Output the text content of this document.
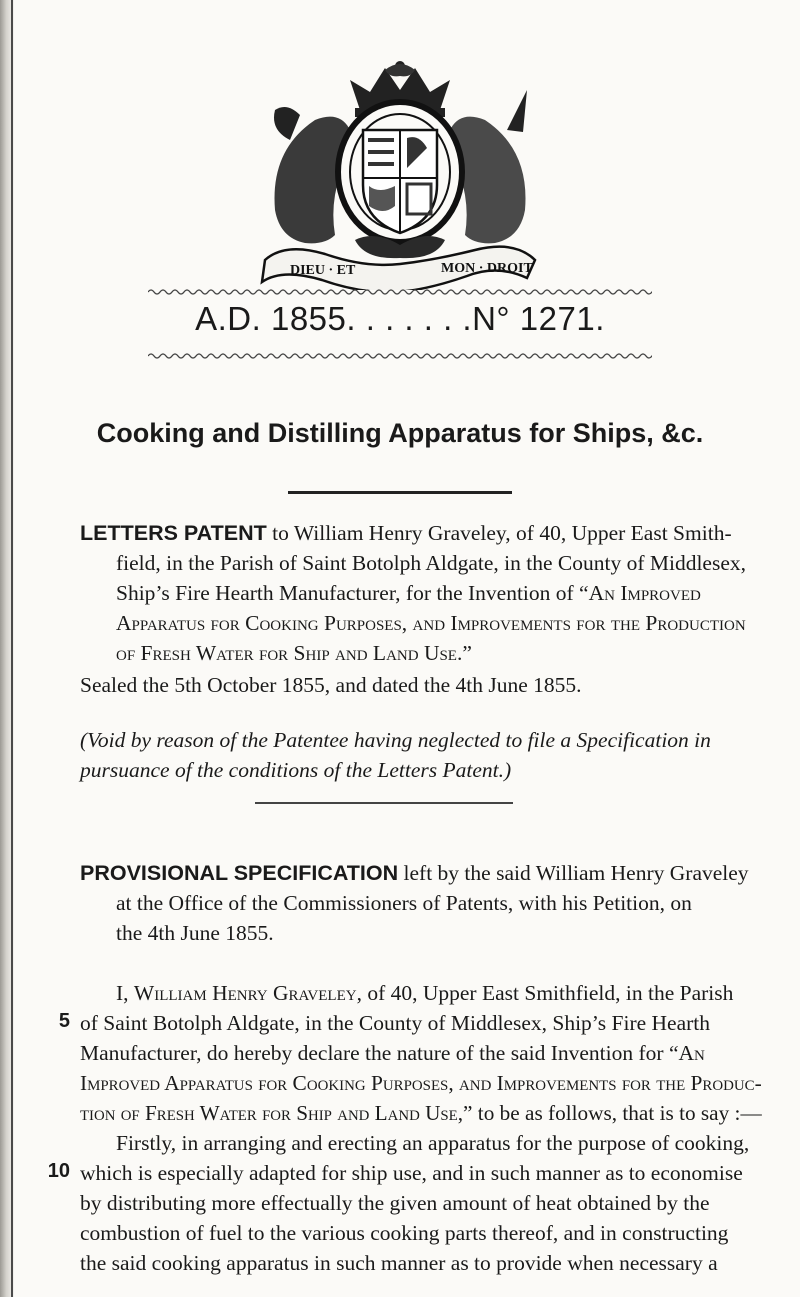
DIEU · ET	MON · DROIT
A.D. 1855. . . . . . .N° 1271.
Cooking and Distilling Apparatus for Ships, &c.
LETTERS PATENT to William Henry Graveley, of 40, Upper East Smith-
field, in the Parish of Saint Botolph Aldgate, in the County of Middlesex,
Ship’s Fire Hearth Manufacturer, for the Invention of “An Improved
Apparatus for Cooking Purposes, and Improvements for the Production
of Fresh Water for Ship and Land Use.”
Sealed the 5th October 1855, and dated the 4th June 1855.
(Void by reason of the Patentee having neglected to file a Specification in
pursuance of the conditions of the Letters Patent.)
PROVISIONAL SPECIFICATION left by the said William Henry Graveley
at the Office of the Commissioners of Patents, with his Petition, on
the 4th June 1855.
I, William Henry Graveley, of 40, Upper East Smithfield, in the Parish
of Saint Botolph Aldgate, in the County of Middlesex, Ship’s Fire Hearth
Manufacturer, do hereby declare the nature of the said Invention for “An
Improved Apparatus for Cooking Purposes, and Improvements for the Produc-
tion of Fresh Water for Ship and Land Use,” to be as follows, that is to say :—
Firstly, in arranging and erecting an apparatus for the purpose of cooking,
which is especially adapted for ship use, and in such manner as to economise
by distributing more effectually the given amount of heat obtained by the
combustion of fuel to the various cooking parts thereof, and in constructing
the said cooking apparatus in such manner as to provide when necessary a
5
10
